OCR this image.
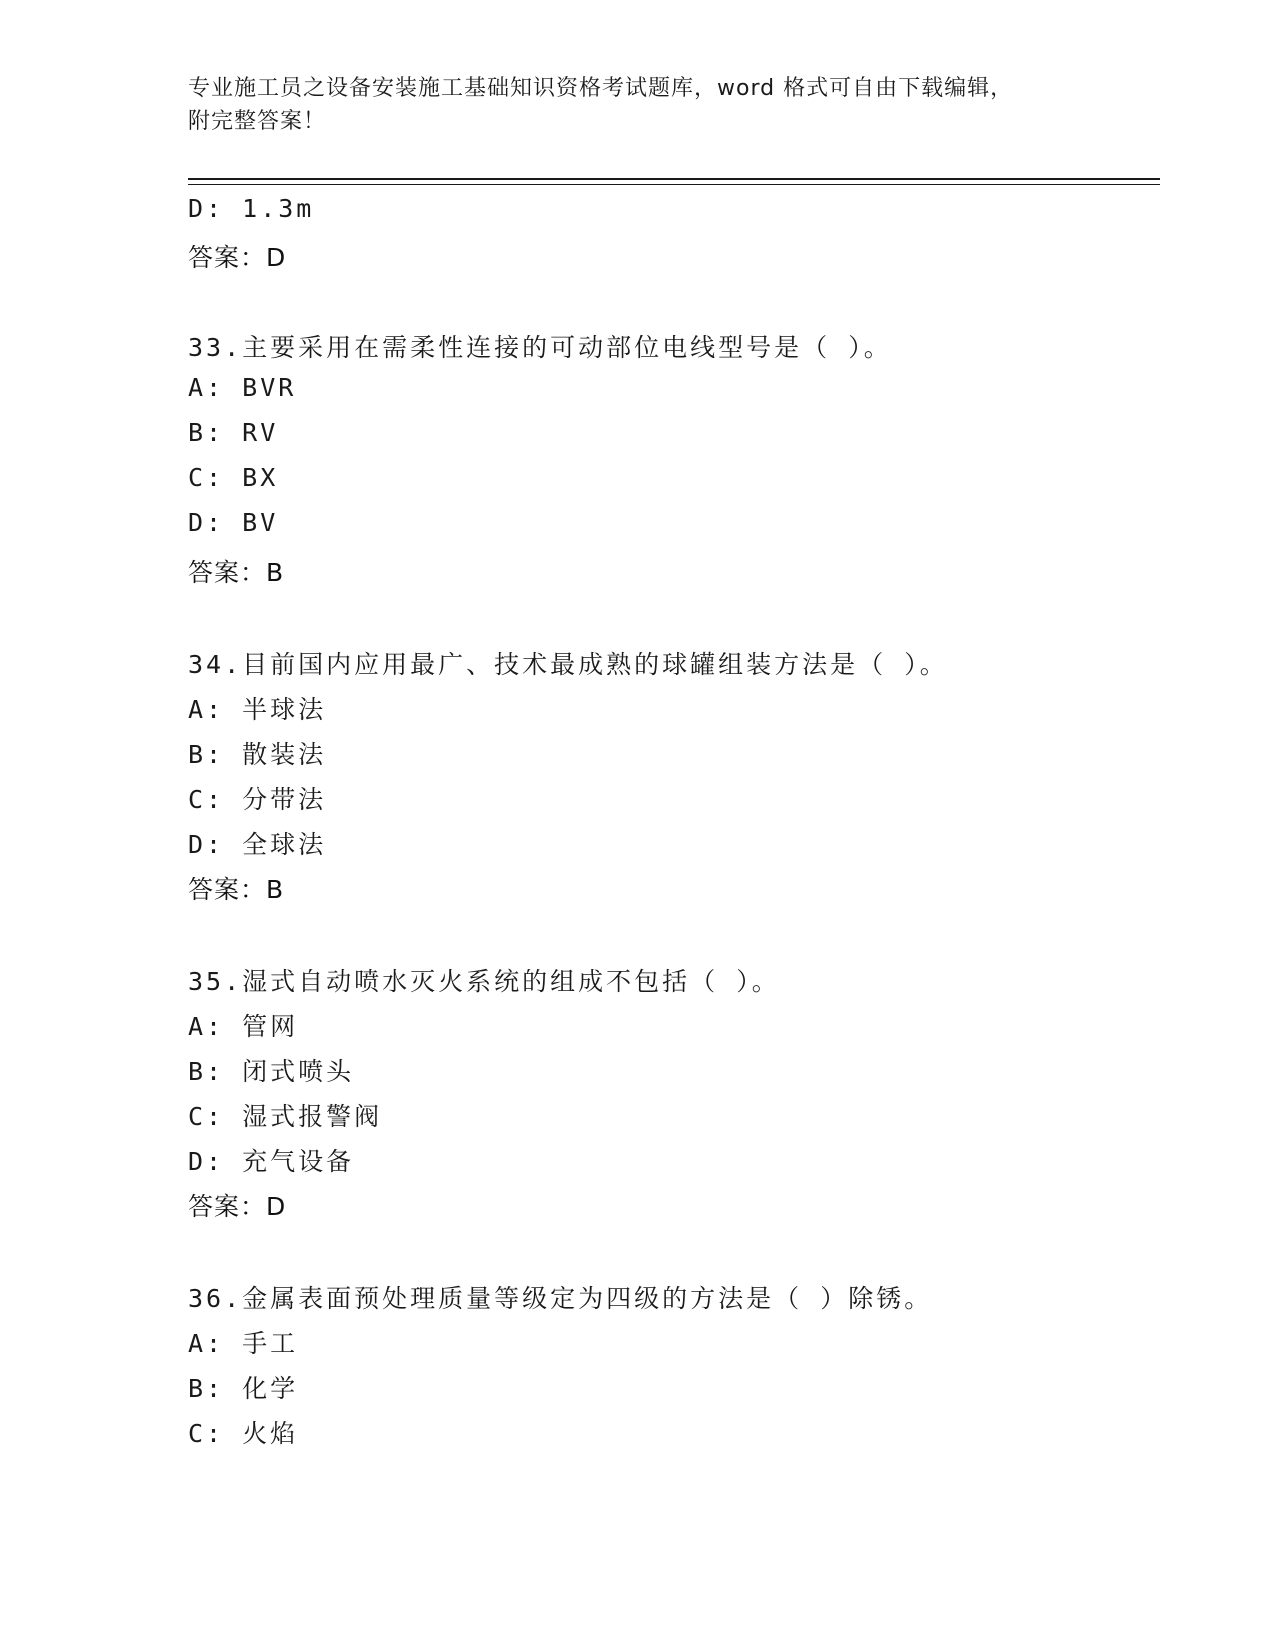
专业施工员之设备安装施工基础知识资格考试题库，word 格式可自由下载编辑，
附完整答案！
D: 1.3m
答案：D
33.主要采用在需柔性连接的可动部位电线型号是（ ）。
A: BVR
B: RV
C: BX
D: BV
答案：B
34.目前国内应用最广、技术最成熟的球罐组装方法是（ ）。
A: 半球法
B: 散装法
C: 分带法
D: 全球法
答案：B
35.湿式自动喷水灭火系统的组成不包括（ ）。
A: 管网
B: 闭式喷头
C: 湿式报警阀
D: 充气设备
答案：D
36.金属表面预处理质量等级定为四级的方法是（ ）除锈。
A: 手工
B: 化学
C: 火焰
